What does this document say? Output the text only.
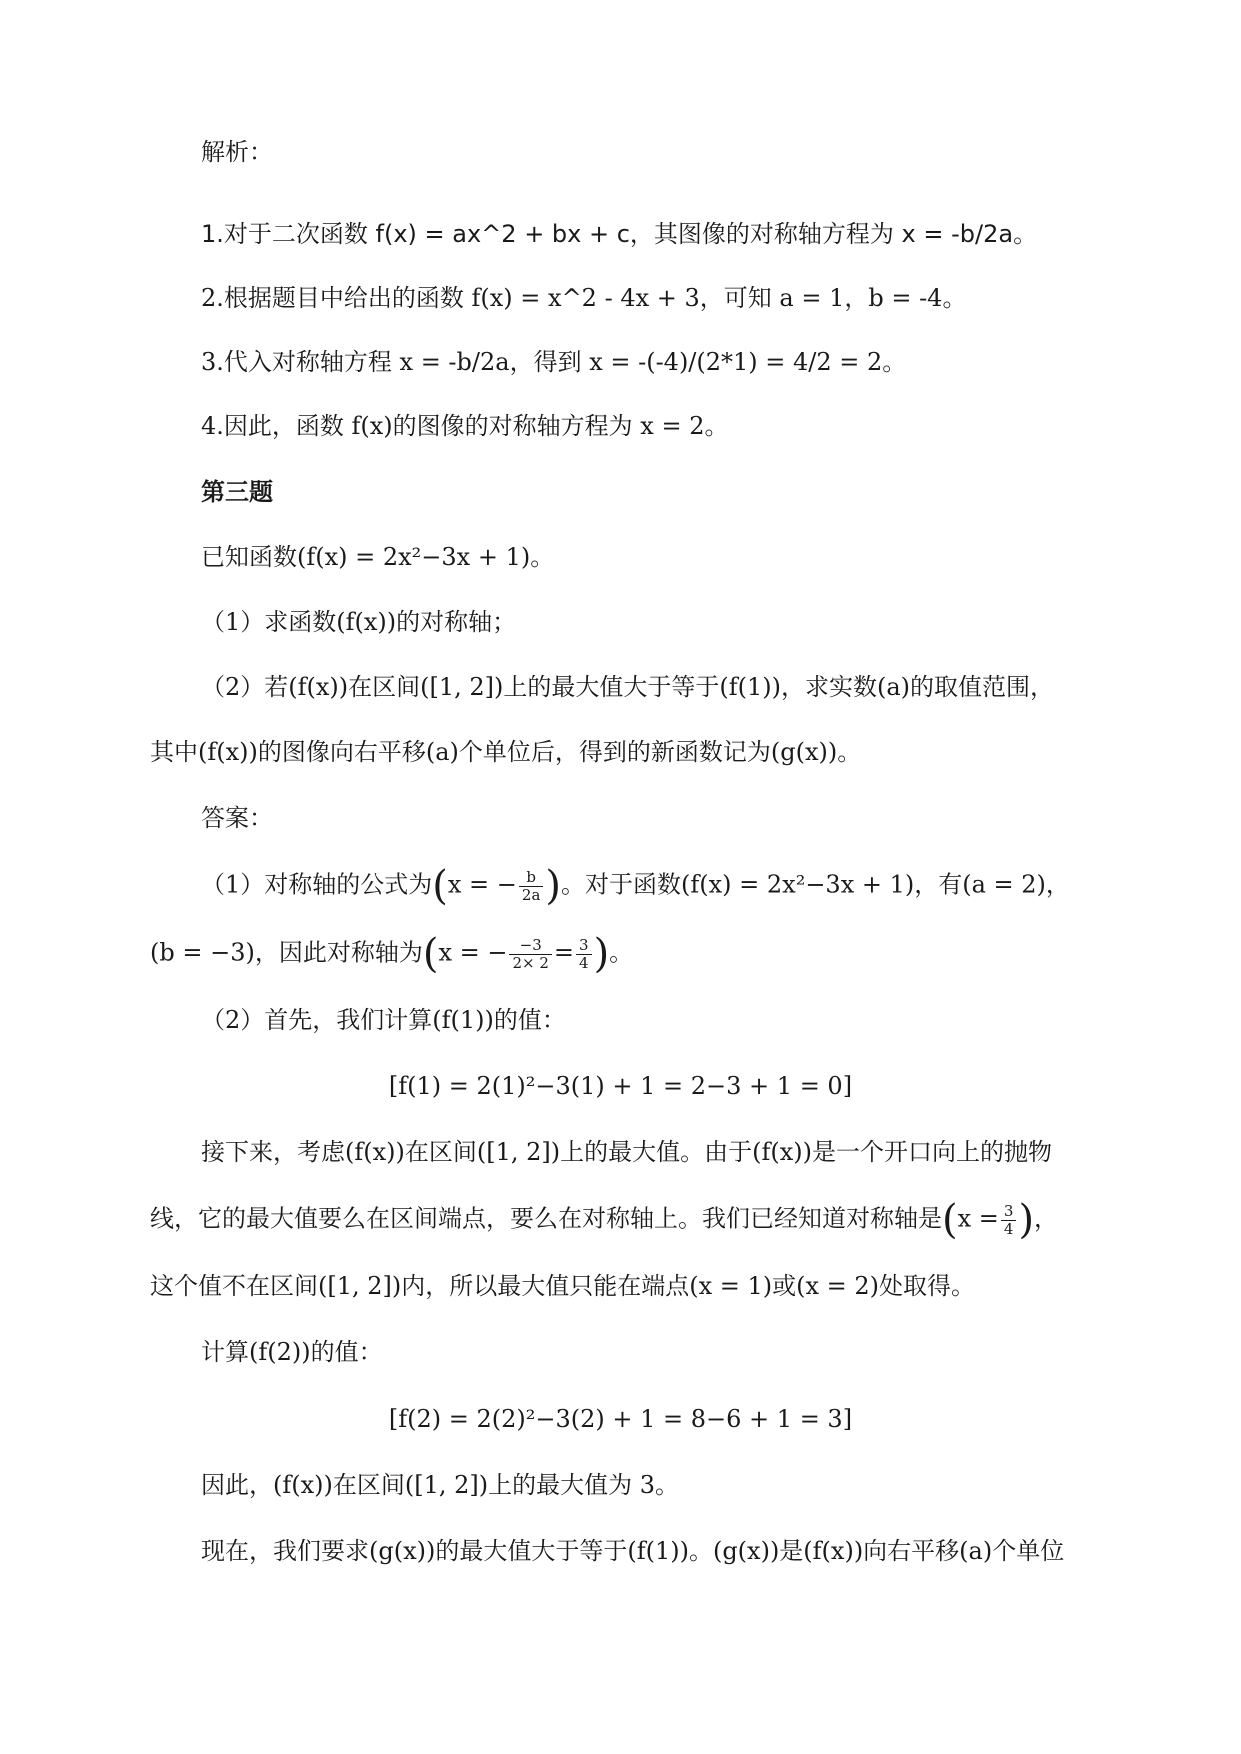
解析：
1.对于二次函数 f(x) = ax^2 + bx + c，其图像的对称轴方程为 x = -b/2a。
2.根据题目中给出的函数 f(x) = x^2 - 4x + 3，可知 a = 1，b = -4。
3.代入对称轴方程 x = -b/2a，得到 x = -(-4)/(2*1) = 4/2 = 2。
4.因此，函数 f(x)的图像的对称轴方程为 x = 2。
第三题
已知函数(f(x) = 2x²−3x + 1)。
（1）求函数(f(x))的对称轴；
（2）若(f(x))在区间([1, 2])上的最大值大于等于(f(1))，求实数(a)的取值范围，
其中(f(x))的图像向右平移(a)个单位后，得到的新函数记为(g(x))。
答案：
（1）对称轴的公式为(x = − $\frac{b}{2a}$ )。对于函数(f(x) = 2x²−3x + 1)，有(a = 2)，
(b = −3)，因此对称轴为(x = − $\frac{-3}{2\times 2} = \frac{3}{4}$ )。
（2）首先，我们计算(f(1))的值：
[f(1) = 2(1)²−3(1) + 1 = 2−3 + 1 = 0]
接下来，考虑(f(x))在区间([1, 2])上的最大值。由于(f(x))是一个开口向上的抛物
线，它的最大值要么在区间端点，要么在对称轴上。我们已经知道对称轴是($x = \frac{3}{4}$ )，
这个值不在区间([1, 2])内，所以最大值只能在端点(x = 1)或(x = 2)处取得。
计算(f(2))的值：
[f(2) = 2(2)²−3(2) + 1 = 8−6 + 1 = 3]
因此，(f(x))在区间([1, 2])上的最大值为 3。
现在，我们要求(g(x))的最大值大于等于(f(1))。(g(x))是(f(x))向右平移(a)个单位
